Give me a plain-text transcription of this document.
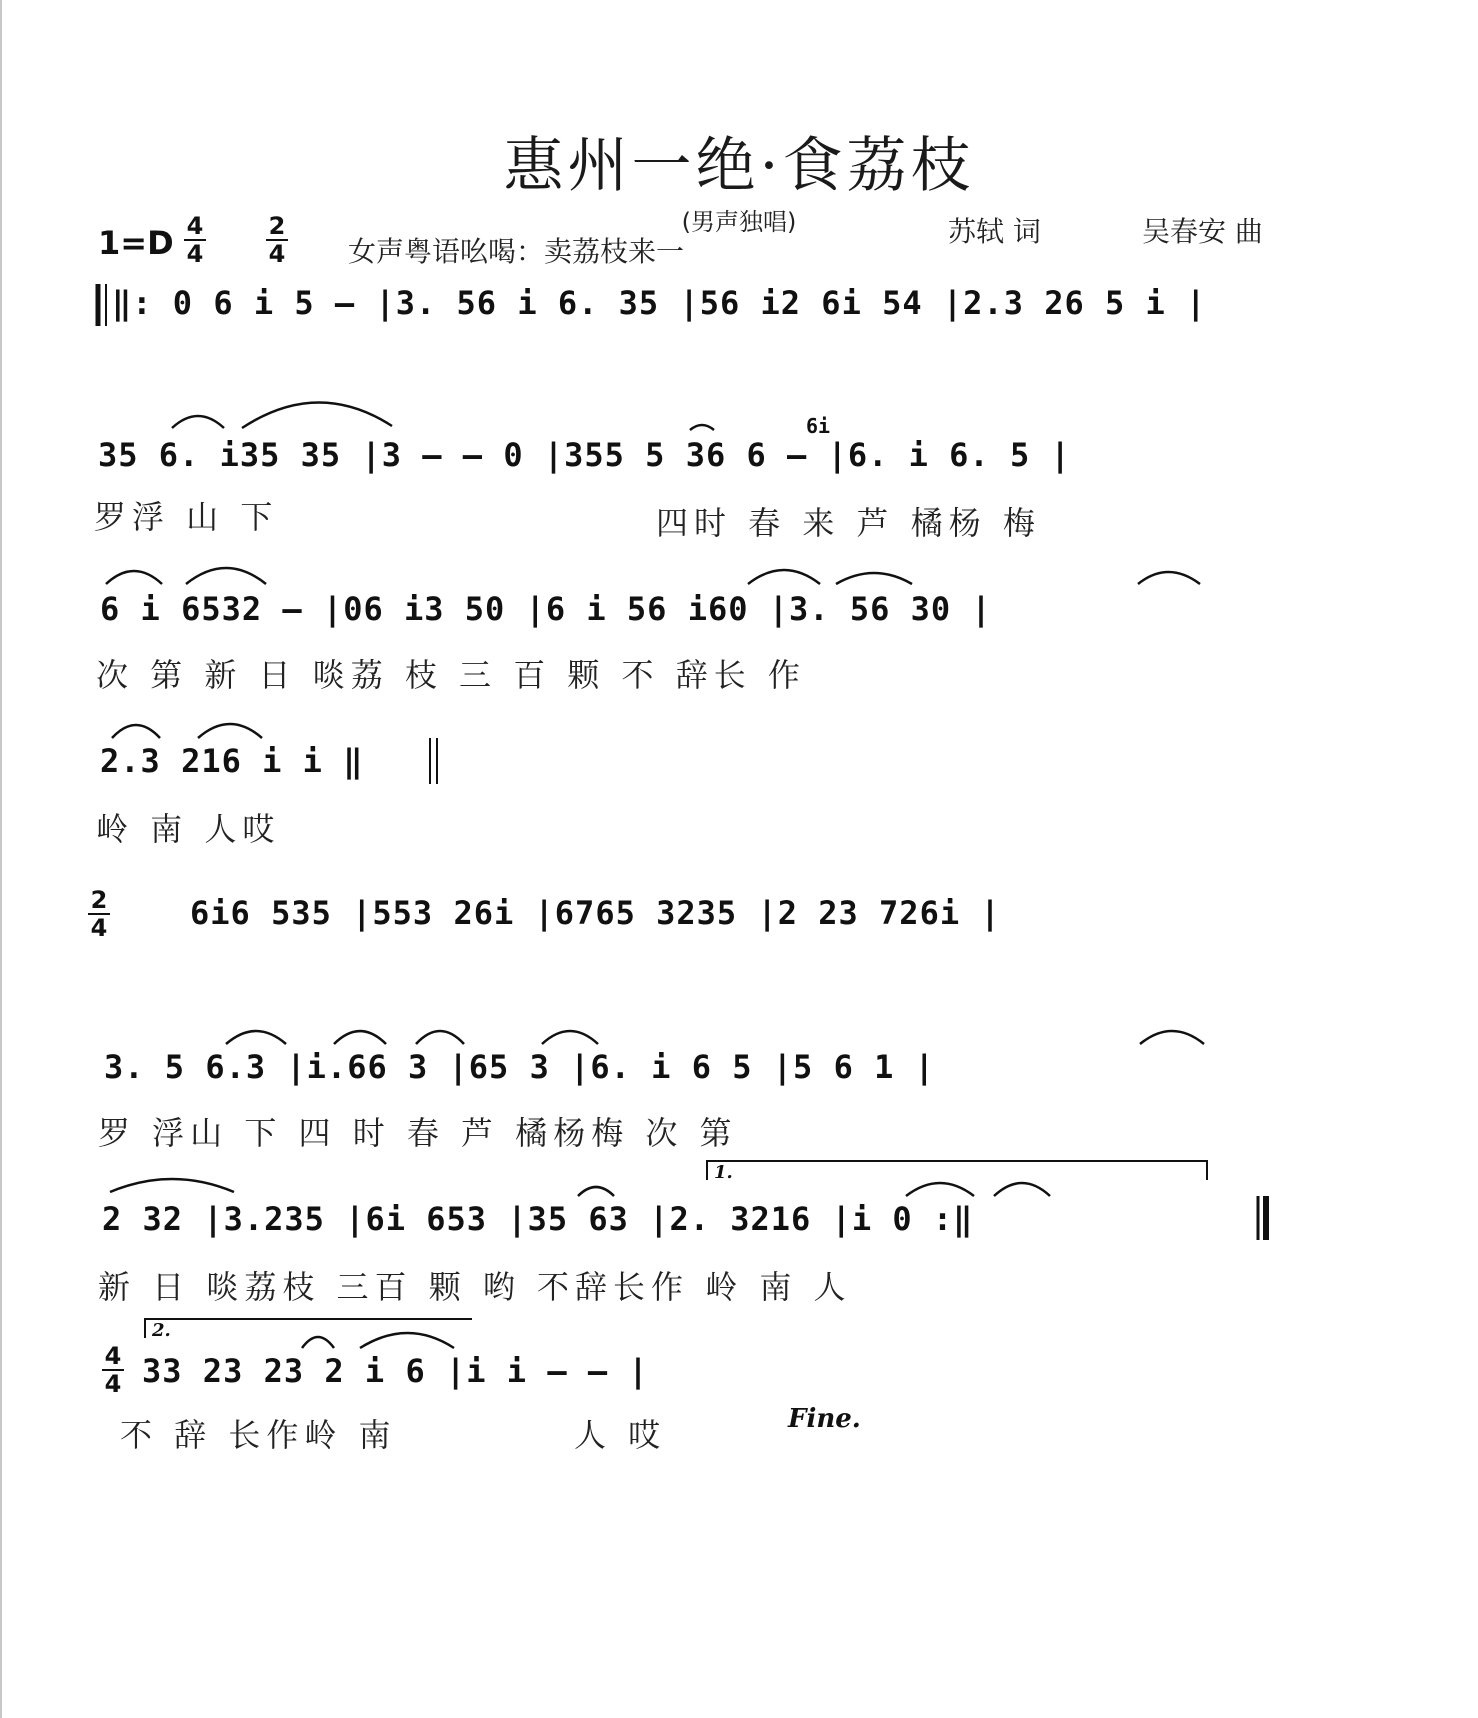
惠州一绝·食荔枝
(男声独唱)	苏轼 词	吴春安 曲
1=D 4
4
2
4 女声粤语吆喝：卖荔枝来一
‖: 0 6 i 5 – |3. 56 i 6. 35 |56 i2 6i 54 |2.3 26 5 i |
35 6. i35 35 |3 – – 0 |355 5 36 6 – |6. i 6. 5 |
6i
罗浮 山 下	四时 春 来 芦 橘杨 梅
6 i 6532 – |06 i3 50 |6 i 56 i60 |3. 56 30 |
次 第 新 日 啖荔 枝 三 百 颗 不 辞长 作
2.3 216 i i ‖
岭 南 人哎
2
4	6i6 535 |553 26i |6765 3235 |2 23 726i |
3. 5 6.3 |i.66 3 |65 3 |6. i 6 5 |5 6 1 |
罗 浮山 下 四 时 春 芦 橘杨梅 次 第
1.
2 32 |3.235 |6i 653 |35 63 |2. 3216 |i 0 :‖
新 日 啖荔枝 三百 颗 哟 不辞长作 岭 南 人
2.
4
4 33 23 23 2 i 6 |i i – – |
不 辞 长作岭 南	人 哎	Fine.
